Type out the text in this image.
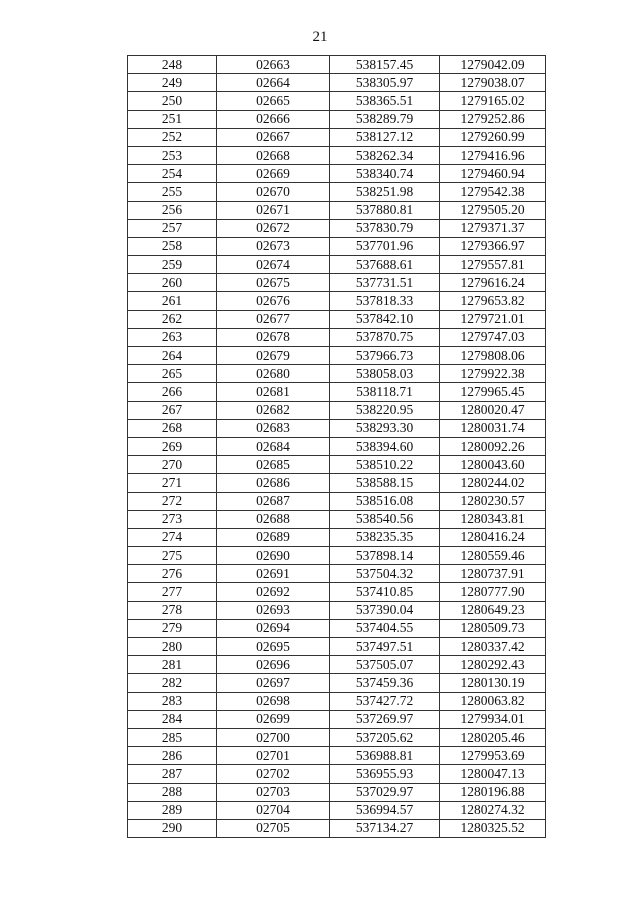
21
248	02663	538157.45	1279042.09
249	02664	538305.97	1279038.07
250	02665	538365.51	1279165.02
251	02666	538289.79	1279252.86
252	02667	538127.12	1279260.99
253	02668	538262.34	1279416.96
254	02669	538340.74	1279460.94
255	02670	538251.98	1279542.38
256	02671	537880.81	1279505.20
257	02672	537830.79	1279371.37
258	02673	537701.96	1279366.97
259	02674	537688.61	1279557.81
260	02675	537731.51	1279616.24
261	02676	537818.33	1279653.82
262	02677	537842.10	1279721.01
263	02678	537870.75	1279747.03
264	02679	537966.73	1279808.06
265	02680	538058.03	1279922.38
266	02681	538118.71	1279965.45
267	02682	538220.95	1280020.47
268	02683	538293.30	1280031.74
269	02684	538394.60	1280092.26
270	02685	538510.22	1280043.60
271	02686	538588.15	1280244.02
272	02687	538516.08	1280230.57
273	02688	538540.56	1280343.81
274	02689	538235.35	1280416.24
275	02690	537898.14	1280559.46
276	02691	537504.32	1280737.91
277	02692	537410.85	1280777.90
278	02693	537390.04	1280649.23
279	02694	537404.55	1280509.73
280	02695	537497.51	1280337.42
281	02696	537505.07	1280292.43
282	02697	537459.36	1280130.19
283	02698	537427.72	1280063.82
284	02699	537269.97	1279934.01
285	02700	537205.62	1280205.46
286	02701	536988.81	1279953.69
287	02702	536955.93	1280047.13
288	02703	537029.97	1280196.88
289	02704	536994.57	1280274.32
290	02705	537134.27	1280325.52
